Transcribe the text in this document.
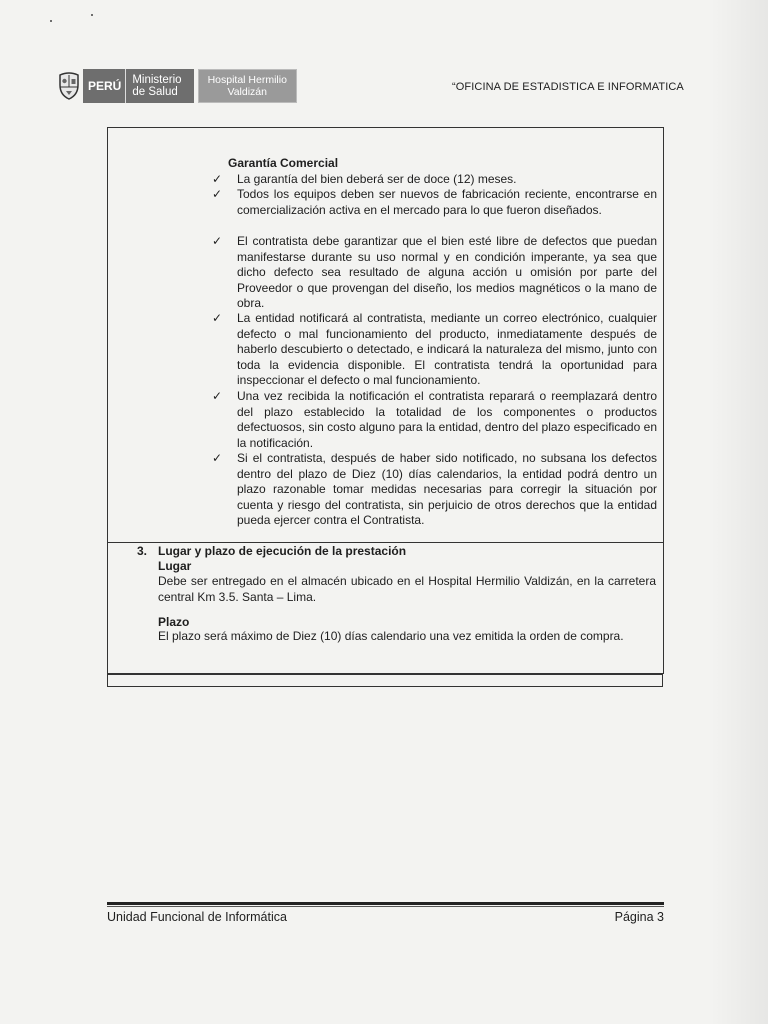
PERÚ Ministerio
de Salud
Hospital Hermilio
Valdizán	“OFICINA DE ESTADISTICA E INFORMATICA
Garantía Comercial
✓	La garantía del bien deberá ser de doce (12) meses.
✓	Todos los equipos deben ser nuevos de fabricación reciente, encontrarse en comercialización activa en el mercado para lo que fueron diseñados.
✓	El contratista debe garantizar que el bien esté libre de defectos que puedan manifestarse durante su uso normal y en condición imperante, ya sea que dicho defecto sea resultado de alguna acción u omisión por parte del Proveedor o que provengan del diseño, los medios magnéticos o la mano de obra.
✓	La entidad notificará al contratista, mediante un correo electrónico, cualquier defecto o mal funcionamiento del producto, inmediatamente después de haberlo descubierto o detectado, e indicará la naturaleza del mismo, junto con toda la evidencia disponible. El contratista tendrá la oportunidad para inspeccionar el defecto o mal funcionamiento.
✓	Una vez recibida la notificación el contratista reparará o reemplazará dentro del plazo establecido la totalidad de los componentes o productos defectuosos, sin costo alguno para la entidad, dentro del plazo especificado en la notificación.
✓	Si el contratista, después de haber sido notificado, no subsana los defectos dentro del plazo de Diez (10) días calendarios, la entidad podrá dentro un plazo razonable tomar medidas necesarias para corregir la situación por cuenta y riesgo del contratista, sin perjuicio de otros derechos que la entidad pueda ejercer contra el Contratista.
3. Lugar y plazo de ejecución de la prestación
Lugar
Debe ser entregado en el almacén ubicado en el Hospital Hermilio Valdizán, en la carretera central Km 3.5. Santa – Lima.
Plazo
El plazo será máximo de Diez (10) días calendario una vez emitida la orden de compra.
Unidad Funcional de Informática	Página 3
